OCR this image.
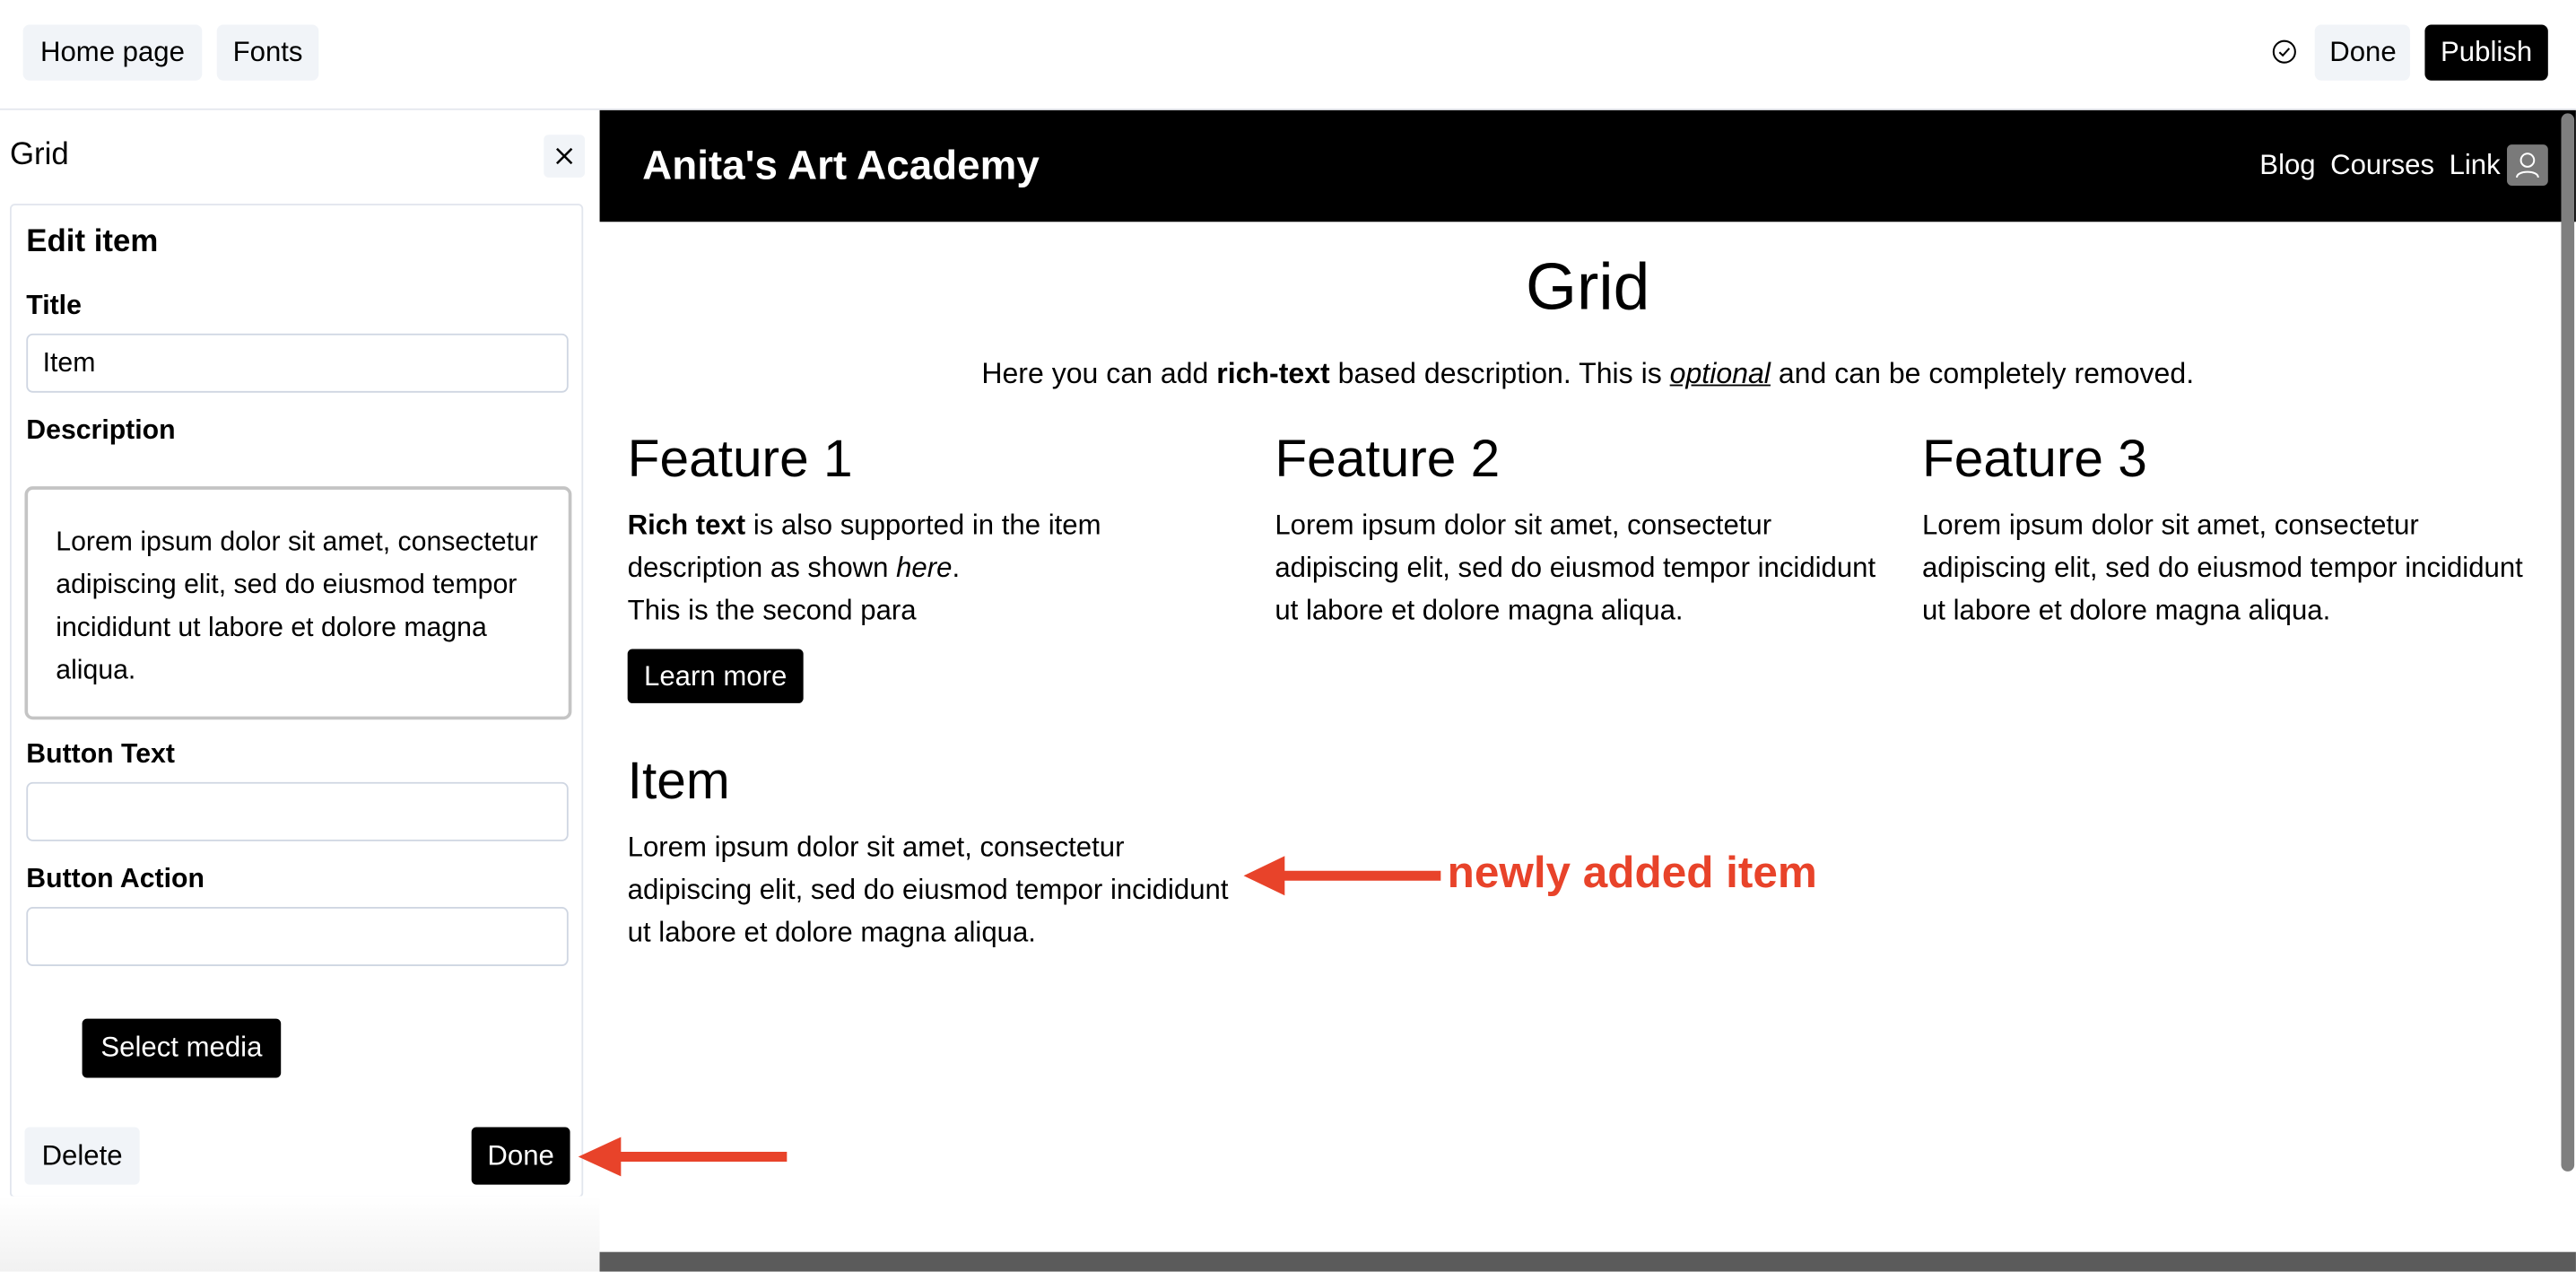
Home page	Fonts	Done	Publish
Grid
Edit item
Title
Item
Description
Lorem ipsum dolor sit amet, consectetur adipiscing elit, sed do eiusmod tempor incididunt ut labore et dolore magna aliqua.
Button Text
Button Action
Select media
Delete	Done
Anita's Art Academy	Blog Courses Link
Grid
Here you can add rich-text based description. This is optional and can be completely removed.
Feature 1

Rich text is also supported in the item description as shown here.
This is the second para

Learn more
Feature 2

Lorem ipsum dolor sit amet, consectetur adipiscing elit, sed do eiusmod tempor incididunt ut labore et dolore magna aliqua.

Feature 3

Lorem ipsum dolor sit amet, consectetur adipiscing elit, sed do eiusmod tempor incididunt ut labore et dolore magna aliqua.

Item

Lorem ipsum dolor sit amet, consectetur adipiscing elit, sed do eiusmod tempor incididunt ut labore et dolore magna aliqua.

newly added item
